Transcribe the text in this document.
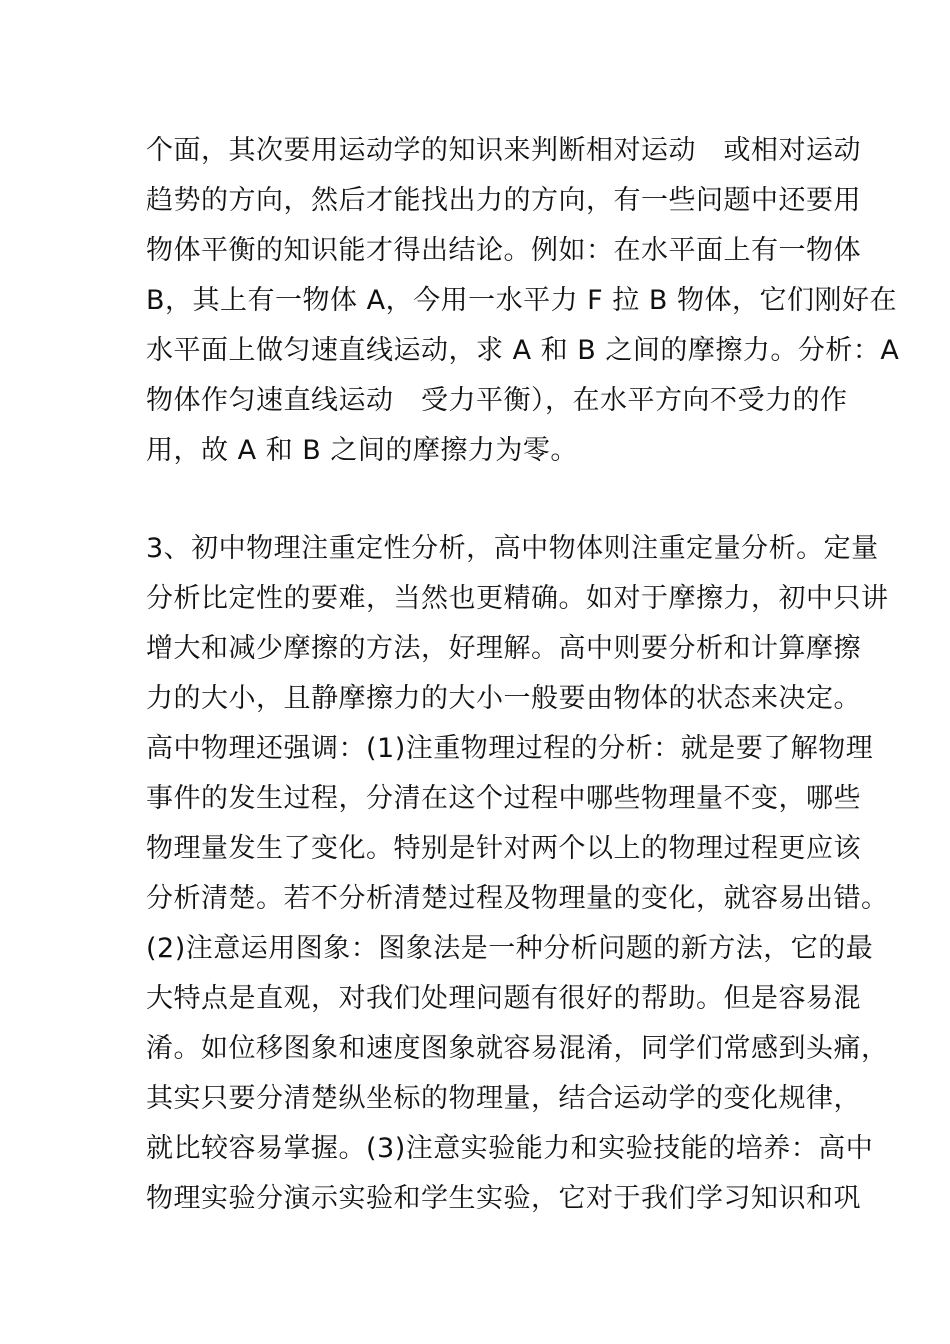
个面，其次要用运动学的知识来判断相对运动　或相对运动
趋势的方向，然后才能找出力的方向，有一些问题中还要用
物体平衡的知识能才得出结论。例如：在水平面上有一物体
B，其上有一物体 A，今用一水平力 F 拉 B 物体，它们刚好在
水平面上做匀速直线运动，求 A 和 B 之间的摩擦力。分析：A
物体作匀速直线运动　受力平衡），在水平方向不受力的作
用，故 A 和 B 之间的摩擦力为零。
3、初中物理注重定性分析，高中物体则注重定量分析。定量
分析比定性的要难，当然也更精确。如对于摩擦力，初中只讲
增大和减少摩擦的方法，好理解。高中则要分析和计算摩擦
力的大小，且静摩擦力的大小一般要由物体的状态来决定。
高中物理还强调：(1)注重物理过程的分析：就是要了解物理
事件的发生过程，分清在这个过程中哪些物理量不变，哪些
物理量发生了变化。特别是针对两个以上的物理过程更应该
分析清楚。若不分析清楚过程及物理量的变化，就容易出错。
(2)注意运用图象：图象法是一种分析问题的新方法，它的最
大特点是直观，对我们处理问题有很好的帮助。但是容易混
淆。如位移图象和速度图象就容易混淆，同学们常感到头痛，
其实只要分清楚纵坐标的物理量，结合运动学的变化规律，
就比较容易掌握。(3)注意实验能力和实验技能的培养：高中
物理实验分演示实验和学生实验，它对于我们学习知识和巩
